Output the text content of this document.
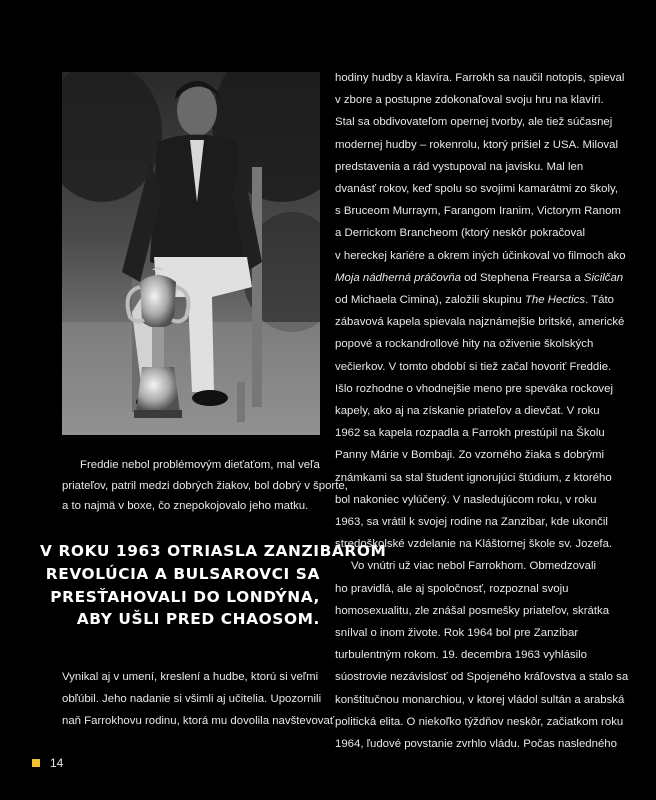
Freddie nebol problémovým dieťaťom, mal veľa
priateľov, patril medzi dobrých žiakov, bol dobrý v športe,
a to najmä v boxe, čo znepokojovalo jeho matku.

V ROKU 1963 OTRIASLA ZANZIBAROM
REVOLÚCIA A BULSAROVCI SA
PRESŤAHOVALI DO LONDÝNA,
ABY UŠLI PRED CHAOSOM.

Vynikal aj v umení, kreslení a hudbe, ktorú si veľmi
obľúbil. Jeho nadanie si všimli aj učitelia. Upozornili
naň Farrokhovu rodinu, ktorá mu dovolila navštevovať

hodiny hudby a klavíra. Farrokh sa naučil notopis, spieval
v zbore a postupne zdokonaľoval svoju hru na klavíri.
Stal sa obdivovateľom opernej tvorby, ale tiež súčasnej
modernej hudby – rokenrolu, ktorý prišiel z USA. Miloval
predstavenia a rád vystupoval na javisku. Mal len
dvanásť rokov, keď spolu so svojimi kamarátmi zo školy,
s Bruceom Murraym, Farangom Iranim, Victorym Ranom
a Derrickom Brancheom (ktorý neskôr pokračoval
v hereckej kariére a okrem iných účinkoval vo filmoch ako
Moja nádherná práčovňa od Stephena Frearsa a Sicilčan
od Michaela Cimina), založili skupinu The Hectics. Táto
zábavová kapela spievala najznámejšie britské, americké
popové a rockandrollové hity na oživenie školských
večierkov. V tomto období si tiež začal hovoriť Freddie.
Išlo rozhodne o vhodnejšie meno pre speváka rockovej
kapely, ako aj na získanie priateľov a dievčat. V roku
1962 sa kapela rozpadla a Farrokh prestúpil na Školu
Panny Márie v Bombaji. Zo vzorného žiaka s dobrými
známkami sa stal študent ignorujúci štúdium, z ktorého
bol nakoniec vylúčený. V nasledujúcom roku, v roku
1963, sa vrátil k svojej rodine na Zanzibar, kde ukončil
stredoškolské vzdelanie na Kláštornej škole sv. Jozefa.
Vo vnútri už viac nebol Farrokhom. Obmedzovali
ho pravidlá, ale aj spoločnosť, rozpoznal svoju
homosexualitu, zle znášal posmešky priateľov, skrátka
snílval o inom živote. Rok 1964 bol pre Zanzibar
turbulentným rokom. 19. decembra 1963 vyhlásilo
súostrovie nezávislosť od Spojeného kráľovstva a stalo sa
konštitučnou monarchiou, v ktorej vládol sultán a arabská
politická elita. O niekoľko týždňov neskôr, začiatkom roku
1964, ľudové povstanie zvrhlo vládu. Počas nasledného
14
